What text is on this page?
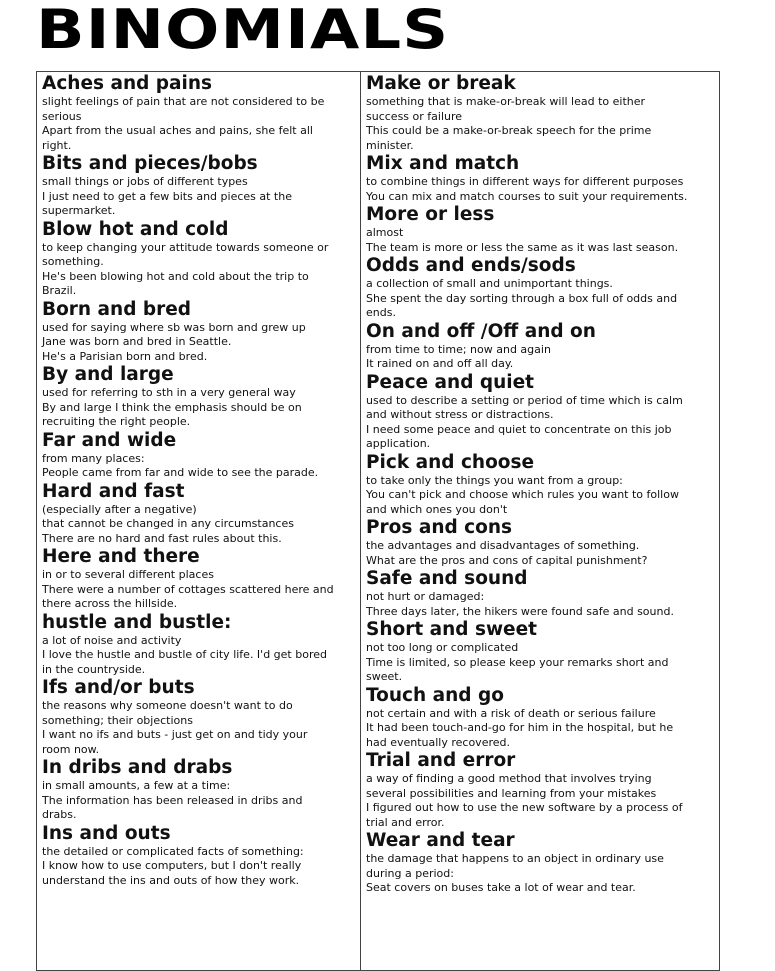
BINOMIALS
Aches and pains
slight feelings of pain that are not considered to be
serious
Apart from the usual aches and pains, she felt all
right.
Bits and pieces/bobs
small things or jobs of different types
I just need to get a few bits and pieces at the
supermarket.
Blow hot and cold
to keep changing your attitude towards someone or
something.
He's been blowing hot and cold about the trip to
Brazil.
Born and bred
used for saying where sb was born and grew up
Jane was born and bred in Seattle.
He's a Parisian born and bred.
By and large
used for referring to sth in a very general way
By and large I think the emphasis should be on
recruiting the right people.
Far and wide
from many places:
People came from far and wide to see the parade.
Hard and fast
(especially after a negative)
that cannot be changed in any circumstances
There are no hard and fast rules about this.
Here and there
in or to several different places
There were a number of cottages scattered here and
there across the hillside.
hustle and bustle:
a lot of noise and activity
I love the hustle and bustle of city life. I'd get bored
in the countryside.
Ifs and/or buts
the reasons why someone doesn't want to do
something; their objections
I want no ifs and buts - just get on and tidy your
room now.
In dribs and drabs
in small amounts, a few at a time:
The information has been released in dribs and
drabs.
Ins and outs
the detailed or complicated facts of something:
I know how to use computers, but I don't really
understand the ins and outs of how they work.
Make or break
something that is make-or-break will lead to either
success or failure
This could be a make-or-break speech for the prime
minister.
Mix and match
to combine things in different ways for different purposes
You can mix and match courses to suit your requirements.
More or less
almost
The team is more or less the same as it was last season.
Odds and ends/sods
a collection of small and unimportant things.
She spent the day sorting through a box full of odds and
ends.
On and off /Off and on
from time to time; now and again
It rained on and off all day.
Peace and quiet
used to describe a setting or period of time which is calm
and without stress or distractions.
I need some peace and quiet to concentrate on this job
application.
Pick and choose
to take only the things you want from a group:
You can't pick and choose which rules you want to follow
and which ones you don't
Pros and cons
the advantages and disadvantages of something.
What are the pros and cons of capital punishment?
Safe and sound
not hurt or damaged:
Three days later, the hikers were found safe and sound.
Short and sweet
not too long or complicated
Time is limited, so please keep your remarks short and
sweet.
Touch and go
not certain and with a risk of death or serious failure
It had been touch-and-go for him in the hospital, but he
had eventually recovered.
Trial and error
a way of finding a good method that involves trying
several possibilities and learning from your mistakes
I figured out how to use the new software by a process of
trial and error.
Wear and tear
the damage that happens to an object in ordinary use
during a period:
Seat covers on buses take a lot of wear and tear.
